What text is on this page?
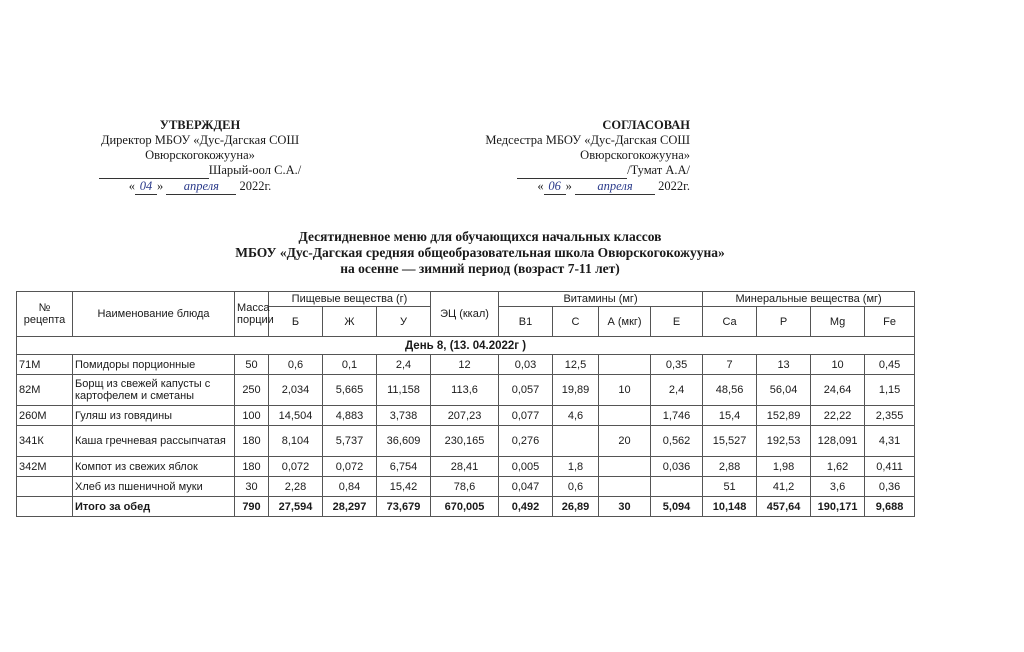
УТВЕРЖДЕН
Директор МБОУ «Дус-Дагская СОШ
Овюрскогокожууна»
Шарый-оол С.А./
« 04 » апреля 2022г.
СОГЛАСОВАН
Медсестра МБОУ «Дус-Дагская СОШ
Овюрскогокожууна»
/Тумат А.А/
« 06 » апреля 2022г.
Десятидневное меню для обучающихся начальных классов
МБОУ «Дус-Дагская средняя общеобразовательная школа Овюрскогокожууна»
на осенне — зимний период (возраст 7-11 лет)
№ рецепта	Наименование блюда	Масса порции	Пищевые вещества (г)			ЭЦ (ккал)	Витамины (мг)				Минеральные вещества (мг)			
			Б	Ж	У		В1	С	А (мкг)	Е	Са	Р	Mg	Fe
День 8, (13. 04.2022г )														
71М	Помидоры порционные	50	0,6	0,1	2,4	12	0,03	12,5		0,35	7	13	10	0,45
82М	Борщ из свежей капусты с картофелем и сметаны	250	2,034	5,665	11,158	113,6	0,057	19,89	10	2,4	48,56	56,04	24,64	1,15
260М	Гуляш из говядины	100	14,504	4,883	3,738	207,23	0,077	4,6		1,746	15,4	152,89	22,22	2,355
341К	Каша гречневая рассыпчатая	180	8,104	5,737	36,609	230,165	0,276		20	0,562	15,527	192,53	128,091	4,31
342М	Компот из свежих яблок	180	0,072	0,072	6,754	28,41	0,005	1,8		0,036	2,88	1,98	1,62	0,411
	Хлеб из пшеничной муки	30	2,28	0,84	15,42	78,6	0,047	0,6			51	41,2	3,6	0,36
	Итого за обед	790	27,594	28,297	73,679	670,005	0,492	26,89	30	5,094	10,148	457,64	190,171	9,688
